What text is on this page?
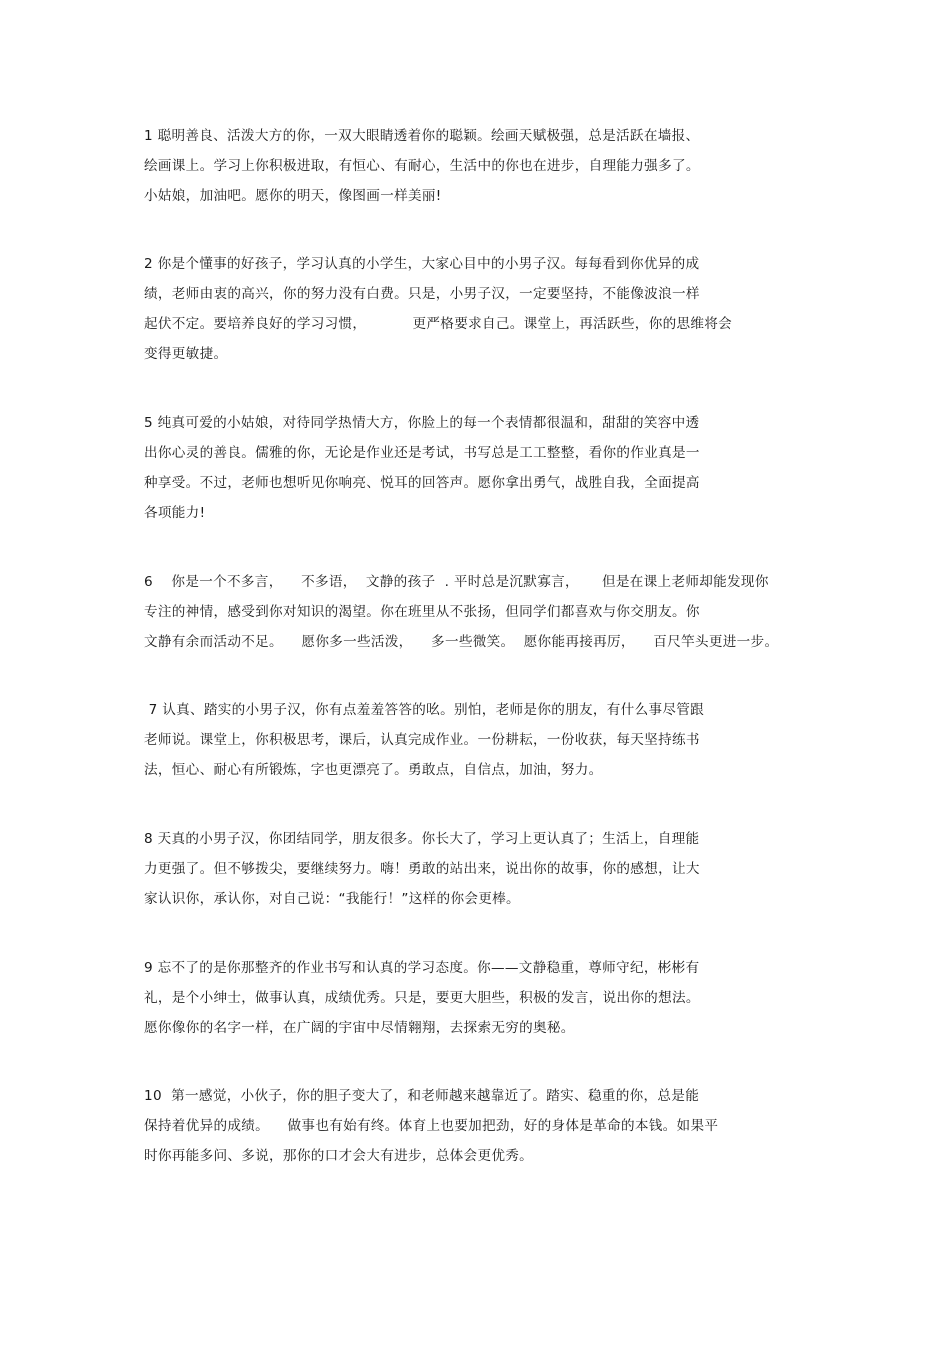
1 聪明善良、活泼大方的你，一双大眼睛透着你的聪颖。绘画天赋极强，总是活跃在墙报、
绘画课上。学习上你积极进取，有恒心、有耐心，生活中的你也在进步，自理能力强多了。
小姑娘，加油吧。愿你的明天，像图画一样美丽!
2 你是个懂事的好孩子，学习认真的小学生，大家心目中的小男子汉。每每看到你优异的成
绩，老师由衷的高兴，你的努力没有白费。只是，小男子汉，一定要坚持，不能像波浪一样
起伏不定。要培养良好的学习习惯，          更严格要求自己。课堂上，再活跃些，你的思维将会
变得更敏捷。
5 纯真可爱的小姑娘，对待同学热情大方，你脸上的每一个表情都很温和，甜甜的笑容中透
出你心灵的善良。儒雅的你，无论是作业还是考试，书写总是工工整整，看你的作业真是一
种享受。不过，老师也想听见你响亮、悦耳的回答声。愿你拿出勇气，战胜自我，全面提高
各项能力!
6    你是一个不多言，    不多语，  文静的孩子  . 平时总是沉默寡言，     但是在课上老师却能发现你
专注的神情，感受到你对知识的渴望。你在班里从不张扬，但同学们都喜欢与你交朋友。你
文静有余而活动不足。    愿你多一些活泼，    多一些微笑。  愿你能再接再厉，    百尺竿头更进一步。
7 认真、踏实的小男子汉，你有点羞羞答答的吆。别怕，老师是你的朋友，有什么事尽管跟
老师说。课堂上，你积极思考，课后，认真完成作业。一份耕耘，一份收获，每天坚持练书
法，恒心、耐心有所锻炼，字也更漂亮了。勇敢点，自信点，加油，努力。
8 天真的小男子汉，你团结同学，朋友很多。你长大了，学习上更认真了；生活上，自理能
力更强了。但不够拨尖，要继续努力。嗨！勇敢的站出来，说出你的故事，你的感想，让大
家认识你，承认你，对自己说：“我能行！”这样的你会更棒。
9 忘不了的是你那整齐的作业书写和认真的学习态度。你——文静稳重，尊师守纪，彬彬有
礼，是个小绅士，做事认真，成绩优秀。只是，要更大胆些，积极的发言，说出你的想法。
愿你像你的名字一样，在广阔的宇宙中尽情翱翔，去探索无穷的奥秘。
10  第一感觉，小伙子，你的胆子变大了，和老师越来越靠近了。踏实、稳重的你，总是能
保持着优异的成绩。    做事也有始有终。体育上也要加把劲，好的身体是革命的本钱。如果平
时你再能多问、多说，那你的口才会大有进步，总体会更优秀。
